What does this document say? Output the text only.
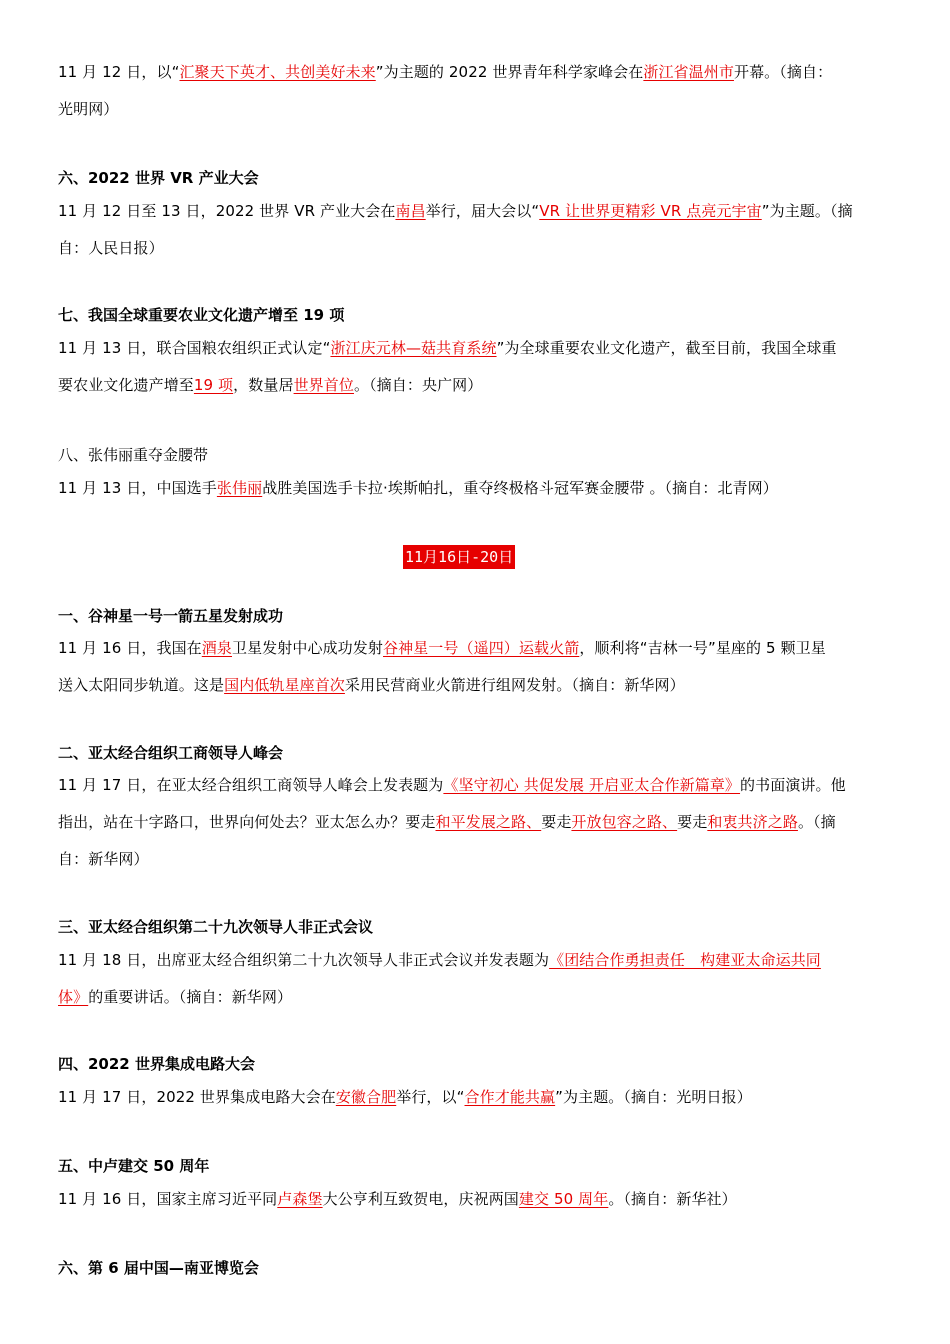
11 月 12 日，以“汇聚天下英才、共创美好未来”为主题的 2022 世界青年科学家峰会在浙江省温州市开幕。（摘自：

光明网）

六、2022 世界 VR 产业大会

11 月 12 日至 13 日，2022 世界 VR 产业大会在南昌举行，届大会以“VR 让世界更精彩 VR 点亮元宇宙”为主题。（摘

自：人民日报）

七、我国全球重要农业文化遗产增至 19 项

11 月 13 日，联合国粮农组织正式认定“浙江庆元林—菇共育系统”为全球重要农业文化遗产，截至目前，我国全球重

要农业文化遗产增至19 项，数量居世界首位。（摘自：央广网）

八、张伟丽重夺金腰带

11 月 13 日，中国选手张伟丽战胜美国选手卡拉·埃斯帕扎，重夺终极格斗冠军赛金腰带 。（摘自：北青网）

11月16日-20日

一、谷神星一号一箭五星发射成功

11 月 16 日，我国在酒泉卫星发射中心成功发射谷神星一号（遥四）运载火箭，顺利将“吉林一号”星座的 5 颗卫星

送入太阳同步轨道。这是国内低轨星座首次采用民营商业火箭进行组网发射。（摘自：新华网）

二、亚太经合组织工商领导人峰会

11 月 17 日，在亚太经合组织工商领导人峰会上发表题为《坚守初心 共促发展 开启亚太合作新篇章》的书面演讲。他

指出，站在十字路口，世界向何处去？亚太怎么办？要走和平发展之路、要走开放包容之路、要走和衷共济之路。（摘

自：新华网）

三、亚太经合组织第二十九次领导人非正式会议

11 月 18 日，出席亚太经合组织第二十九次领导人非正式会议并发表题为《团结合作勇担责任　构建亚太命运共同

体》的重要讲话。（摘自：新华网）

四、2022 世界集成电路大会

11 月 17 日，2022 世界集成电路大会在安徽合肥举行，以“合作才能共赢”为主题。（摘自：光明日报）

五、中卢建交 50 周年

11 月 16 日，国家主席习近平同卢森堡大公亨利互致贺电，庆祝两国建交 50 周年。（摘自：新华社）

六、第 6 届中国—南亚博览会
